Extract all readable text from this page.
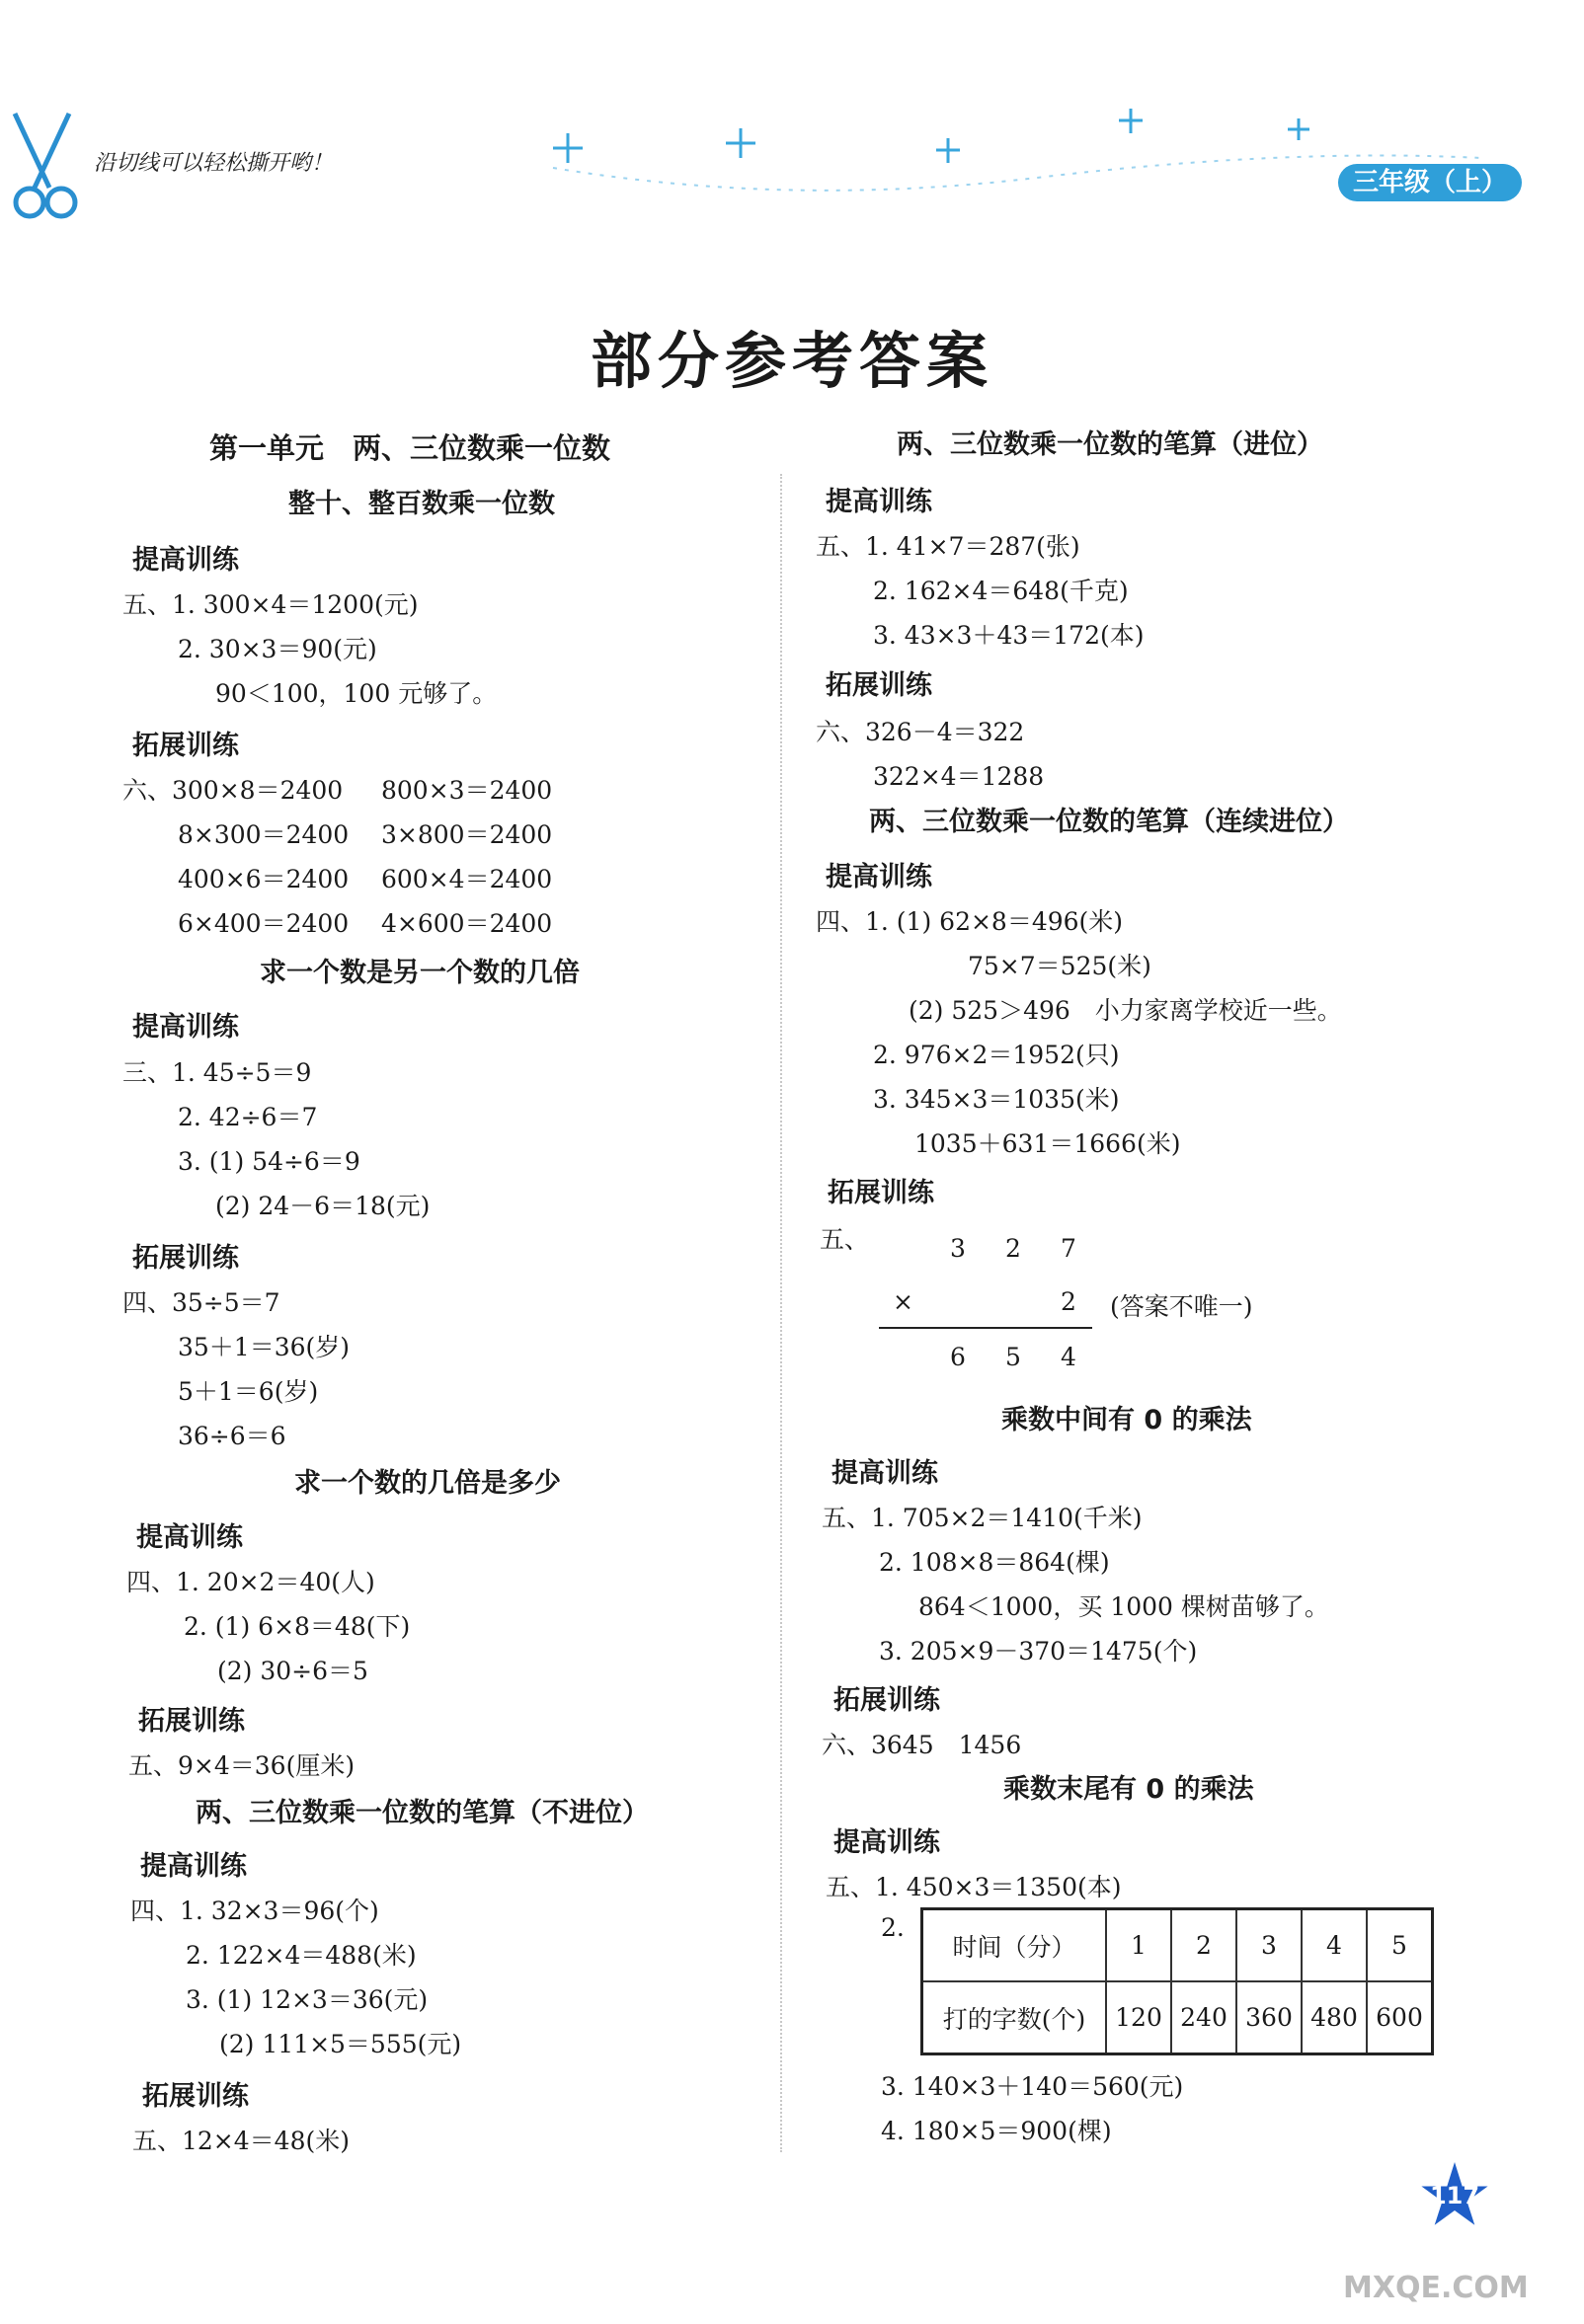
沿切线可以轻松撕开哟！
三年级（上）
部分参考答案
第一单元　两、三位数乘一位数
整十、整百数乘一位数
提高训练
五、1. 300×4＝1200(元)
2. 30×3＝90(元)
90＜100，100 元够了。
拓展训练
六、300×8＝2400 800×3＝2400
8×300＝2400 3×800＝2400
400×6＝2400 600×4＝2400
6×400＝2400 4×600＝2400
求一个数是另一个数的几倍
提高训练
三、1. 45÷5＝9
2. 42÷6＝7
3. (1) 54÷6＝9
(2) 24－6＝18(元)
拓展训练
四、35÷5＝7
35＋1＝36(岁)
5＋1＝6(岁)
36÷6＝6
求一个数的几倍是多少
提高训练
四、1. 20×2＝40(人)
2. (1) 6×8＝48(下)
(2) 30÷6＝5
拓展训练
五、9×4＝36(厘米)
两、三位数乘一位数的笔算（不进位）
提高训练
四、1. 32×3＝96(个)
2. 122×4＝488(米)
3. (1) 12×3＝36(元)
(2) 111×5＝555(元)
拓展训练
五、12×4＝48(米)
两、三位数乘一位数的笔算（进位）
提高训练
五、1. 41×7＝287(张)
2. 162×4＝648(千克)
3. 43×3＋43＝172(本)
拓展训练
六、326－4＝322
322×4＝1288
两、三位数乘一位数的笔算（连续进位）
提高训练
四、1. (1) 62×8＝496(米)
75×7＝525(米)
(2) 525＞496　小力家离学校近一些。
2. 976×2＝1952(只)
3. 345×3＝1035(米)
1035＋631＝1666(米)
拓展训练
五、	3 2 7
×	2 (答案不唯一)
6 5 4
乘数中间有 0 的乘法
提高训练
五、1. 705×2＝1410(千米)
2. 108×8＝864(棵)
864＜1000，买 1000 棵树苗够了。
3. 205×9－370＝1475(个)
拓展训练
六、3645　1456
乘数末尾有 0 的乘法
提高训练
五、1. 450×3＝1350(本)
2.
时间（分）	1	2	3	4	5
打的字数(个)	120	240	360	480	600
3. 140×3＋140＝560(元)
4. 180×5＝900(棵)
117
MXQE.COM
